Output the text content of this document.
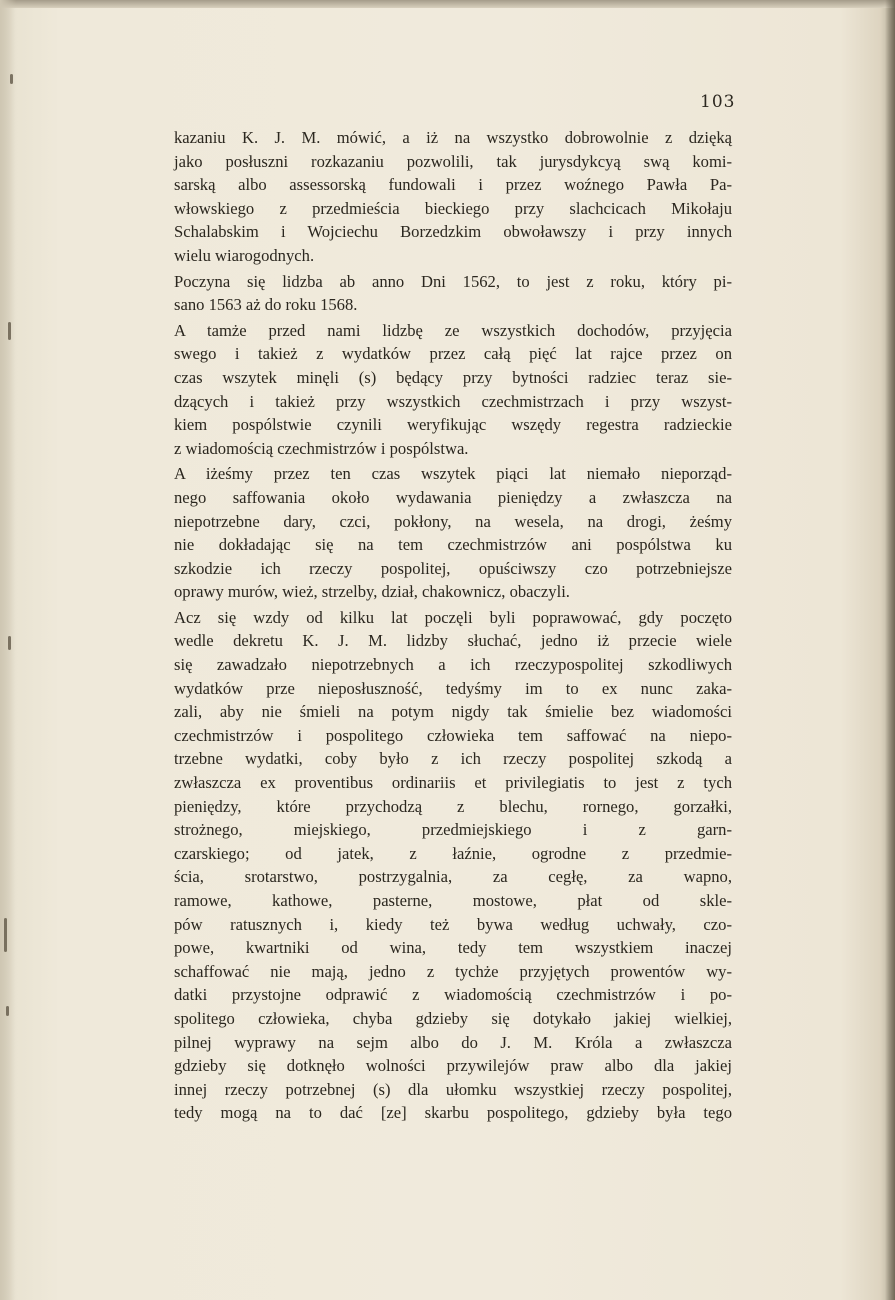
103
kazaniu K. J. M. mówić, a iż na wszystko dobrowolnie z dzięką
jako posłuszni rozkazaniu pozwolili, tak jurysdykcyą swą komi-
sarską albo assessorską fundowali i przez woźnego Pawła Pa-
włowskiego z przedmieścia bieckiego przy slachcicach Mikołaju
Schalabskim i Wojciechu Borzedzkim obwoławszy i przy innych
wielu wiarogodnych.
Poczyna się lidzba ab anno Dni 1562, to jest z roku, który pi-
sano 1563 aż do roku 1568.
A tamże przed nami lidzbę ze wszystkich dochodów, przyjęcia
swego i takież z wydatków przez całą pięć lat rajce przez on
czas wszytek minęli (s) będący przy bytności radziec teraz sie-
dzących i takież przy wszystkich czechmistrzach i przy wszyst-
kiem pospólstwie czynili weryfikując wszędy regestra radzieckie
z wiadomością czechmistrzów i pospólstwa.
A iżeśmy przez ten czas wszytek piąci lat niemało nieporząd-
nego saffowania około wydawania pieniędzy a zwłaszcza na
niepotrzebne dary, czci, pokłony, na wesela, na drogi, żeśmy
nie dokładając się na tem czechmistrzów ani pospólstwa ku
szkodzie ich rzeczy pospolitej, opuściwszy czo potrzebniejsze
oprawy murów, wież, strzelby, dział, chakownicz, obaczyli.
Acz się wzdy od kilku lat poczęli byli poprawować, gdy poczęto
wedle dekretu K. J. M. lidzby słuchać, jedno iż przecie wiele
się zawadzało niepotrzebnych a ich rzeczypospolitej szkodliwych
wydatków prze nieposłuszność, tedyśmy im to ex nunc zaka-
zali, aby nie śmieli na potym nigdy tak śmielie bez wiadomości
czechmistrzów i pospolitego człowieka tem saffować na niepo-
trzebne wydatki, coby było z ich rzeczy pospolitej szkodą a
zwłaszcza ex proventibus ordinariis et privilegiatis to jest z tych
pieniędzy, które przychodzą z blechu, rornego, gorzałki,
strożnego, miejskiego, przedmiejskiego i z garn-
czarskiego; od jatek, z łaźnie, ogrodne z przedmie-
ścia, srotarstwo, postrzygalnia, za cegłę, za wapno,
ramowe, kathowe, pasterne, mostowe, płat od skle-
pów ratusznych i, kiedy też bywa według uchwały, czo-
powe, kwartniki od wina, tedy tem wszystkiem inaczej
schaffować nie mają, jedno z tychże przyjętych prowentów wy-
datki przystojne odprawić z wiadomością czechmistrzów i po-
spolitego człowieka, chyba gdzieby się dotykało jakiej wielkiej,
pilnej wyprawy na sejm albo do J. M. Króla a zwłaszcza
gdzieby się dotknęło wolności przywilejów praw albo dla jakiej
innej rzeczy potrzebnej (s) dla ułomku wszystkiej rzeczy pospolitej,
tedy mogą na to dać [ze] skarbu pospolitego, gdzieby była tego
